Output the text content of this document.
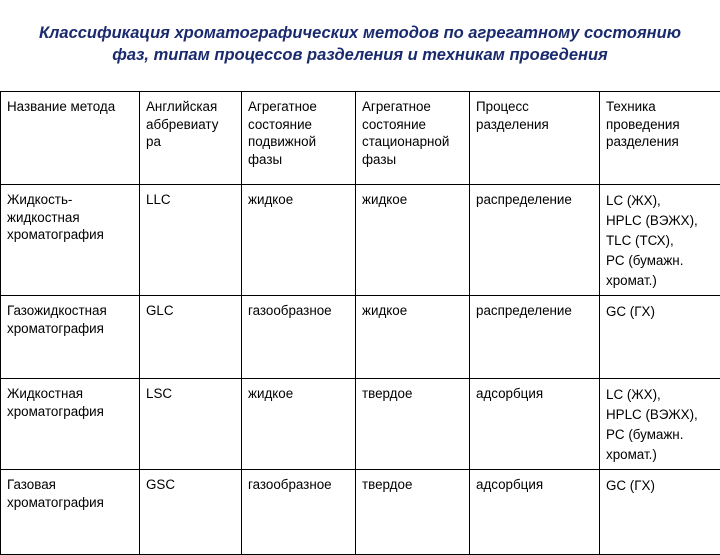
Классификация хроматографических методов по агрегатному состоянию
фаз, типам процессов разделения и техникам проведения
Название метода	Английская аббревиату ра	Агрегатное состояние подвижной фазы	Агрегатное состояние стационарной фазы	Процесс разделения	Техника проведения разделения
Жидкость-жидкостная хроматография	LLC	жидкое	жидкое	распределение	LC (ЖХ),
HPLC (ВЭЖХ),
TLC (ТСХ),
PC (бумажн. хромат.)

Газожидкостная хроматография	GLC	газообразное	жидкое	распределение	GC (ГХ)

Жидкостная хроматография	LSC	жидкое	твердое	адсорбция	LC (ЖХ),
HPLC (ВЭЖХ),
PC (бумажн. хромат.)

Газовая хроматография	GSC	газообразное	твердое	адсорбция	GC (ГХ)
